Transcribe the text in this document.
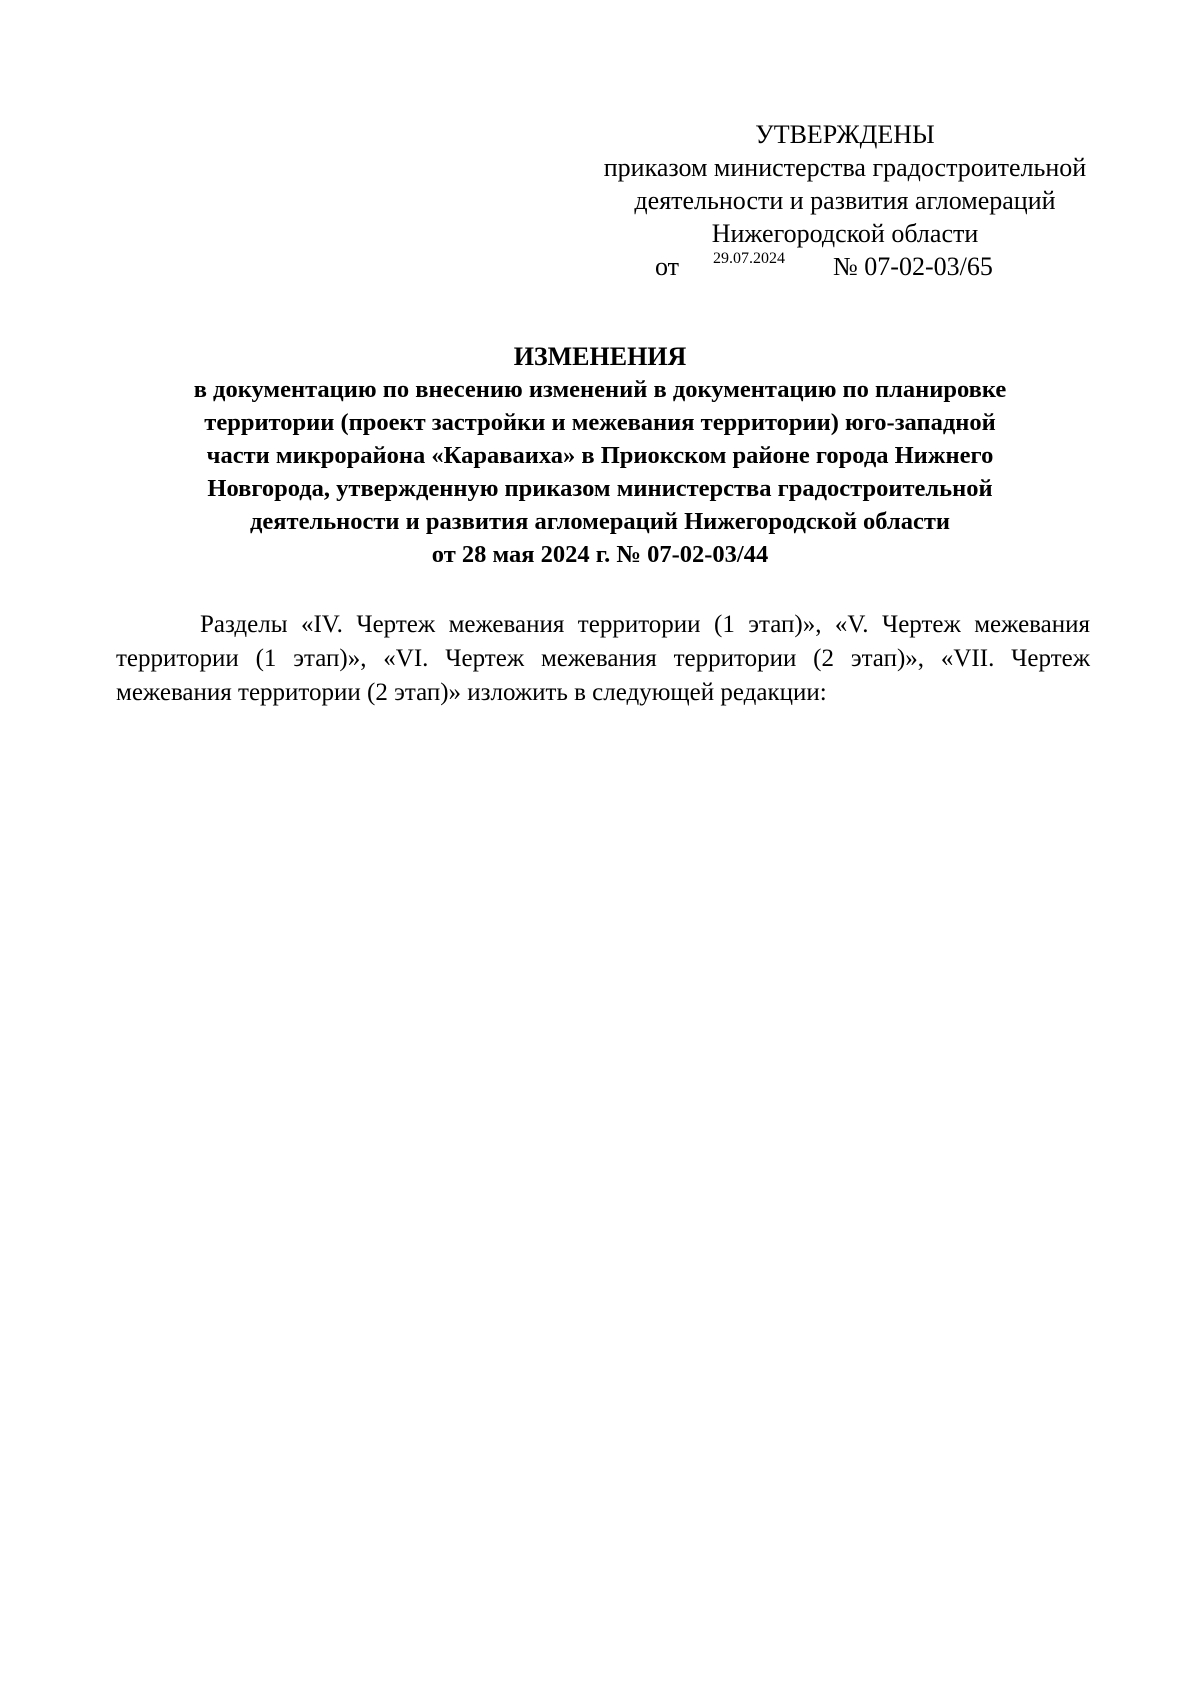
УТВЕРЖДЕНЫ
приказом министерства градостроительной
деятельности и развития агломераций
Нижегородской области
от 29.07.2024 № 07-02-03/65
ИЗМЕНЕНИЯ
в документацию по внесению изменений в документацию по планировке
территории (проект застройки и межевания территории) юго-западной
части микрорайона «Караваиха» в Приокском районе города Нижнего
Новгорода, утвержденную приказом министерства градостроительной
деятельности и развития агломераций Нижегородской области
от 28 мая 2024 г. № 07-02-03/44
Разделы «IV. Чертеж межевания территории (1 этап)», «V. Чертеж межевания территории (1 этап)», «VI. Чертеж межевания территории (2 этап)», «VII. Чертеж межевания территории (2 этап)» изложить в следующей редакции:
